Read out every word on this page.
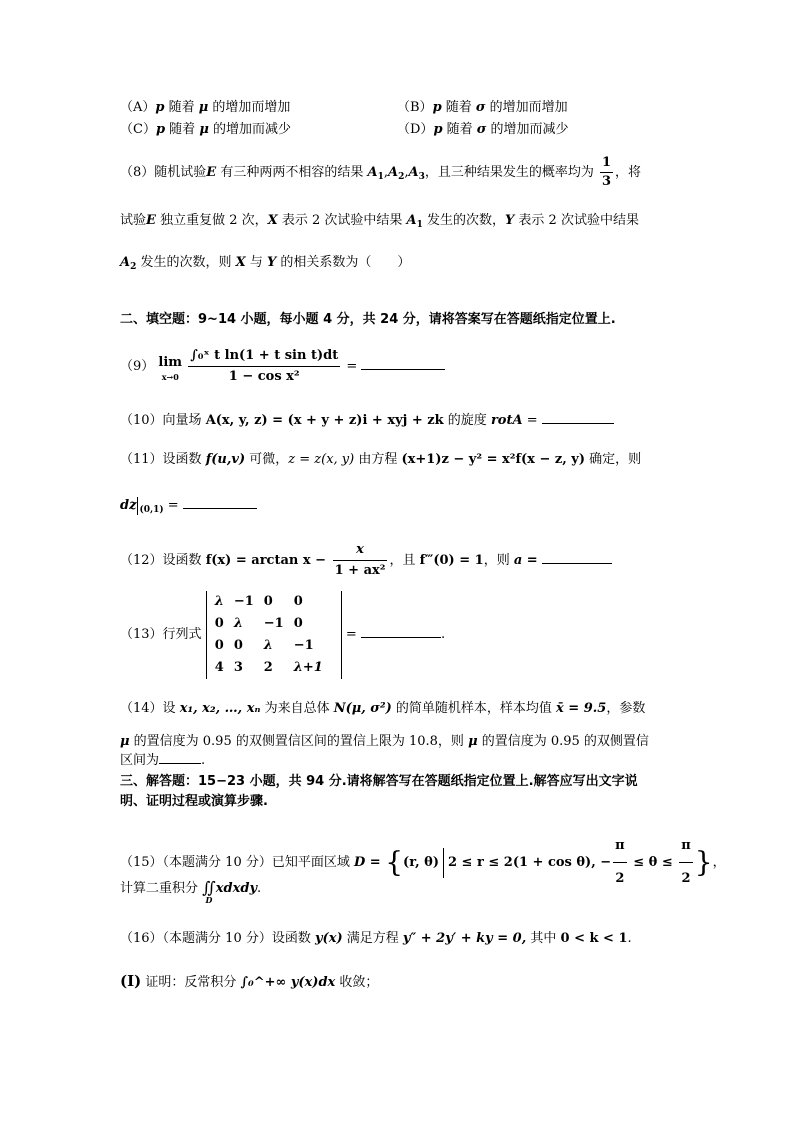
（A）p 随着 μ 的增加而增加	（B）p 随着 σ 的增加而增加
（C）p 随着 μ 的增加而减少	（D）p 随着 σ 的增加而减少
（8）随机试验E 有三种两两不相容的结果 $A_1,A_2,A_3$，且三种结果发生的概率均为 $\frac{1}{3}$ ，将
试验E 独立重复做 2 次，X 表示 2 次试验中结果 $A_1$ 发生的次数，Y 表示 2 次试验中结果
$A_2$ 发生的次数，则 X 与 Y 的相关系数为（　　）
二、填空题：9~14 小题，每小题 4 分，共 24 分，请将答案写在答题纸指定位置上.
（9） lim
x→0
$\frac{\text{∫₀ˣ t ln(1 + t sin t)dt}}{\text{1 − cos x²}}$ =
（10）向量场 A(x, y, z) = (x + y + z)i + xyj + zk 的旋度 rotA =
（11）设函数 f(u,v) 可微，z = z(x, y) 由方程 (x+1)z − y² = x²f(x − z, y) 确定，则
dz $_{(0,1)}$ =
（12）设函数 $f(x) = \arctan x - \frac{x}{\text{1 + ax²}}$ ，且 f‴(0) = 1，则 a =
（13）行列式
λ	−1	0	0
0	λ	−1	0
0	0	λ	−1
4	3	2	λ+1
=	.
（14）设 x₁, x₂, …, xₙ 为来自总体 N(μ, σ²) 的简单随机样本，样本均值 x̄ = 9.5，参数
μ 的置信度为 0.95 的双侧置信区间的置信上限为 10.8，则 μ 的置信度为 0.95 的双侧置信
区间为	.
三、解答题：15−23 小题，共 94 分.请将解答写在答题纸指定位置上.解答应写出文字说
明、证明过程或演算步骤.
（15）（本题满分 10 分）已知平面区域 D = {(r, θ) 2 ≤ r ≤ 2(1 + cos θ), − $\frac{\pi}{2} \le \theta \le \frac{\pi}{2}$ }，
计算二重积分 ∬
D
xdxdy.
（16）（本题满分 10 分）设函数 y(x) 满足方程 y″ + 2y′ + ky = 0, 其中 0 < k < 1.
(I) 证明：反常积分 ∫₀^+∞ y(x)dx 收敛；
